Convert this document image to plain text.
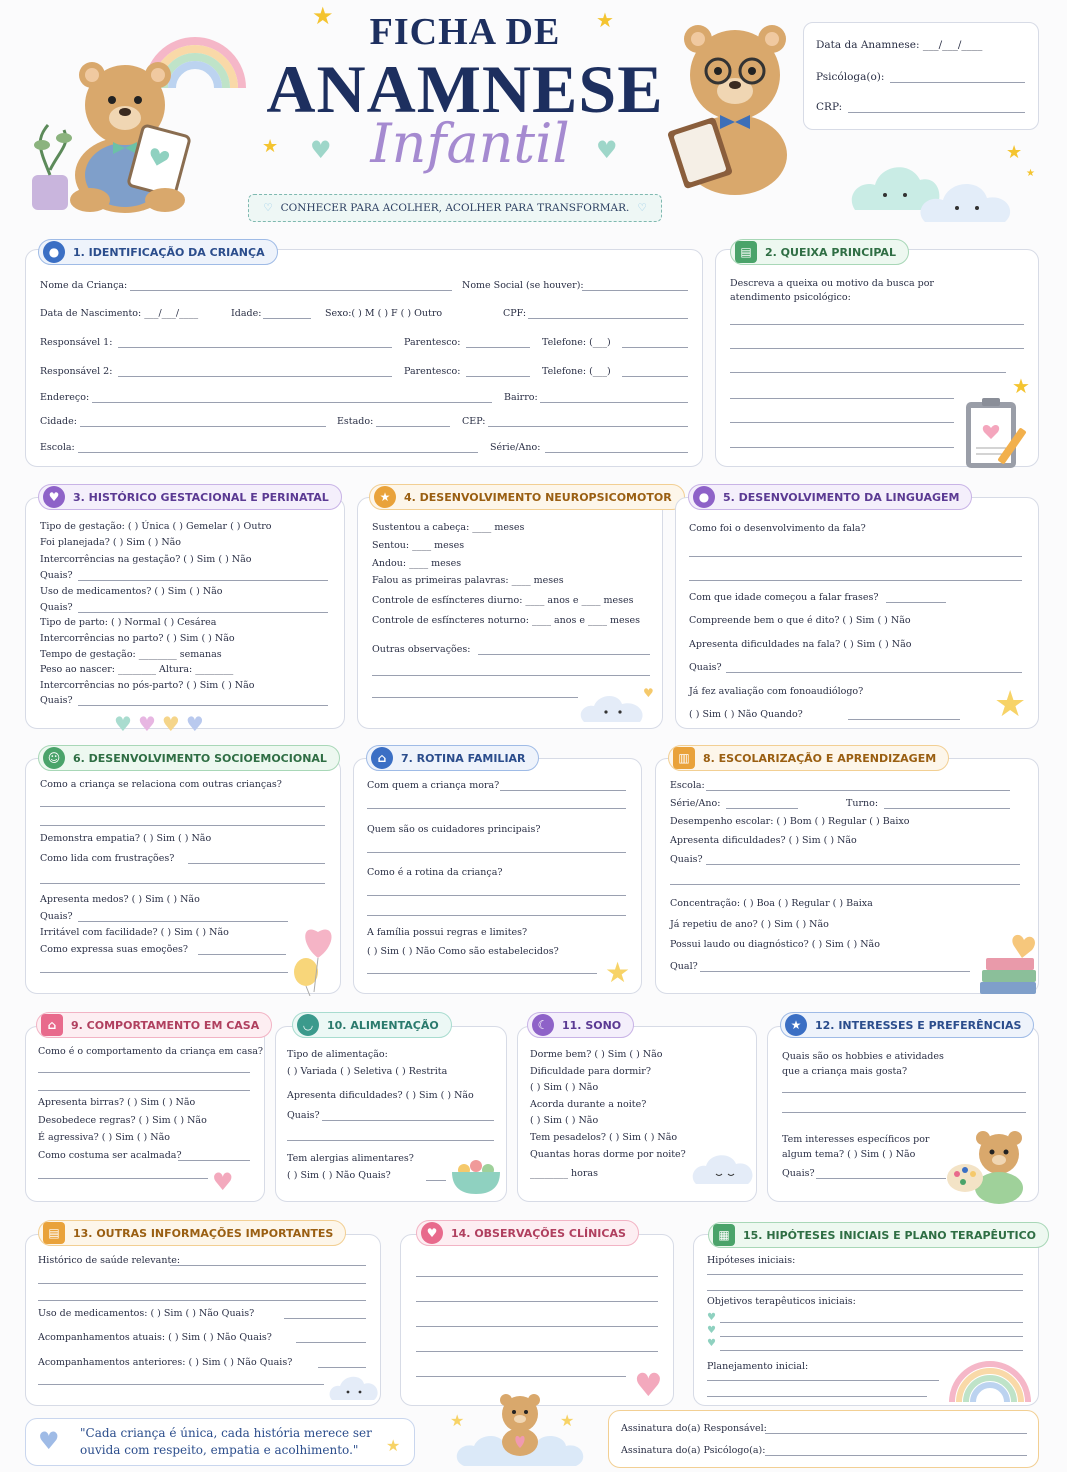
★	★
★	★
★
FICHA DE
ANAMNESE
Infantil
♥	♥
♡ CONHECER PARA ACOLHER, ACOLHER PARA TRANSFORMAR. ♡
Data da Anamnese: ___/___/____
Psicóloga(o):
CRP:
●	1. IDENTIFICAÇÃO DA CRIANÇA
Nome da Criança:	Nome Social (se houver):
Data de Nascimento: ___/___/____	Idade:	Sexo:( ) M ( ) F ( ) Outro	CPF:
Responsável 1:	Parentesco:	Telefone: (___)
Responsável 2:	Parentesco:	Telefone: (___)
Endereço:	Bairro:
Cidade:	Estado:	CEP:
Escola:	Série/Ano:
▤	2. QUEIXA PRINCIPAL
Descreva a queixa ou motivo da busca por
atendimento psicológico:
★
♥	3. HISTÓRICO GESTACIONAL E PERINATAL
Tipo de gestação: ( ) Única ( ) Gemelar ( ) Outro
Foi planejada? ( ) Sim ( ) Não
Intercorrências na gestação? ( ) Sim ( ) Não
Quais?
Uso de medicamentos? ( ) Sim ( ) Não
Quais?
Tipo de parto: ( ) Normal ( ) Cesárea
Intercorrências no parto? ( ) Sim ( ) Não
Tempo de gestação: ________ semanas
Peso ao nascer: ________ Altura: ________
Intercorrências no pós-parto? ( ) Sim ( ) Não
Quais?
♥♥♥♥
★	4. DESENVOLVIMENTO NEUROPSICOMOTOR
Sustentou a cabeça: ____ meses
Sentou: ____ meses
Andou: ____ meses
Falou as primeiras palavras: ____ meses
Controle de esfíncteres diurno: ____ anos e ____ meses
Controle de esfíncteres noturno: ____ anos e ____ meses
Outras observações:
♥
●	5. DESENVOLVIMENTO DA LINGUAGEM
Como foi o desenvolvimento da fala?
Com que idade começou a falar frases?
Compreende bem o que é dito? ( ) Sim ( ) Não
Apresenta dificuldades na fala? ( ) Sim ( ) Não
Quais?
Já fez avaliação com fonoaudiólogo?
( ) Sim ( ) Não Quando?	★
☺	6. DESENVOLVIMENTO SOCIOEMOCIONAL
Como a criança se relaciona com outras crianças?
Demonstra empatia? ( ) Sim ( ) Não
Como lida com frustrações?
Apresenta medos? ( ) Sim ( ) Não
Quais?
Irritável com facilidade? ( ) Sim ( ) Não
Como expressa suas emoções?
⌂	7. ROTINA FAMILIAR
Com quem a criança mora?
Quem são os cuidadores principais?
Como é a rotina da criança?
A família possui regras e limites?
( ) Sim ( ) Não Como são estabelecidos?
★
▥	8. ESCOLARIZAÇÃO E APRENDIZAGEM
Escola:
Série/Ano:	Turno:
Desempenho escolar: ( ) Bom ( ) Regular ( ) Baixo
Apresenta dificuldades? ( ) Sim ( ) Não
Quais?
Concentração: ( ) Boa ( ) Regular ( ) Baixa
Já repetiu de ano? ( ) Sim ( ) Não
Possui laudo ou diagnóstico? ( ) Sim ( ) Não
Qual?
⌂	9. COMPORTAMENTO EM CASA
Como é o comportamento da criança em casa?
Apresenta birras? ( ) Sim ( ) Não
Desobedece regras? ( ) Sim ( ) Não
É agressiva? ( ) Sim ( ) Não
Como costuma ser acalmada?
♥
◡	10. ALIMENTAÇÃO
Tipo de alimentação:
( ) Variada ( ) Seletiva ( ) Restrita
Apresenta dificuldades? ( ) Sim ( ) Não
Quais?
Tem alergias alimentares?
( ) Sim ( ) Não Quais?
☾	11. SONO
Dorme bem? ( ) Sim ( ) Não
Dificuldade para dormir?
( ) Sim ( ) Não
Acorda durante a noite?
( ) Sim ( ) Não
Tem pesadelos? ( ) Sim ( ) Não
Quantas horas dorme por noite?
________ horas
★	12. INTERESSES E PREFERÊNCIAS
Quais são os hobbies e atividades
que a criança mais gosta?
Tem interesses específicos por
algum tema? ( ) Sim ( ) Não
Quais?
▤	13. OUTRAS INFORMAÇÕES IMPORTANTES
Histórico de saúde relevante:
Uso de medicamentos: ( ) Sim ( ) Não Quais?
Acompanhamentos atuais: ( ) Sim ( ) Não Quais?
Acompanhamentos anteriores: ( ) Sim ( ) Não Quais?
♥	14. OBSERVAÇÕES CLÍNICAS
♥
▦	15. HIPÓTESES INICIAIS E PLANO TERAPÊUTICO
Hipóteses iniciais:
Objetivos terapêuticos iniciais:
♥
♥
♥
Planejamento inicial:
♥ "Cada criança é única, cada história merece ser
ouvida com respeito, empatia e acolhimento." ★
★	★	Assinatura do(a) Responsável:
Assinatura do(a) Psicólogo(a):
